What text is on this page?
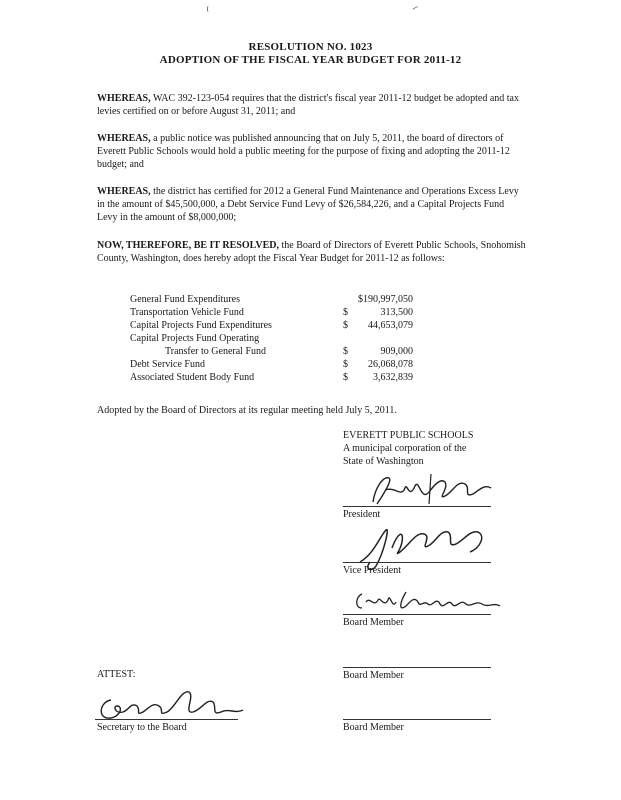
RESOLUTION NO. 1023
ADOPTION OF THE FISCAL YEAR BUDGET FOR 2011-12
WHEREAS, WAC 392-123-054 requires that the district's fiscal year 2011-12 budget be adopted and tax levies certified on or before August 31, 2011; and
WHEREAS, a public notice was published announcing that on July 5, 2011, the board of directors of Everett Public Schools would hold a public meeting for the purpose of fixing and adopting the 2011-12 budget; and
WHEREAS, the district has certified for 2012 a General Fund Maintenance and Operations Excess Levy in the amount of $45,500,000, a Debt Service Fund Levy of $26,584,226, and a Capital Projects Fund Levy in the amount of $8,000,000;
NOW, THEREFORE, BE IT RESOLVED, the Board of Directors of Everett Public Schools, Snohomish County, Washington, does hereby adopt the Fiscal Year Budget for 2011-12 as follows:
General Fund Expenditures	$190,997,050

Transportation Vehicle Fund	$	313,500

Capital Projects Fund Expenditures	$ 44,653,079

Capital Projects Fund Operating
Transfer to General Fund	$	909,000

Debt Service Fund	$ 26,068,078

Associated Student Body Fund	$	3,632,839

Adopted by the Board of Directors at its regular meeting held July 5, 2011.
EVERETT PUBLIC SCHOOLS
A municipal corporation of the
State of Washington
President
Vice President
Board Member
Board Member
ATTEST:
Secretary to the Board	Board Member
